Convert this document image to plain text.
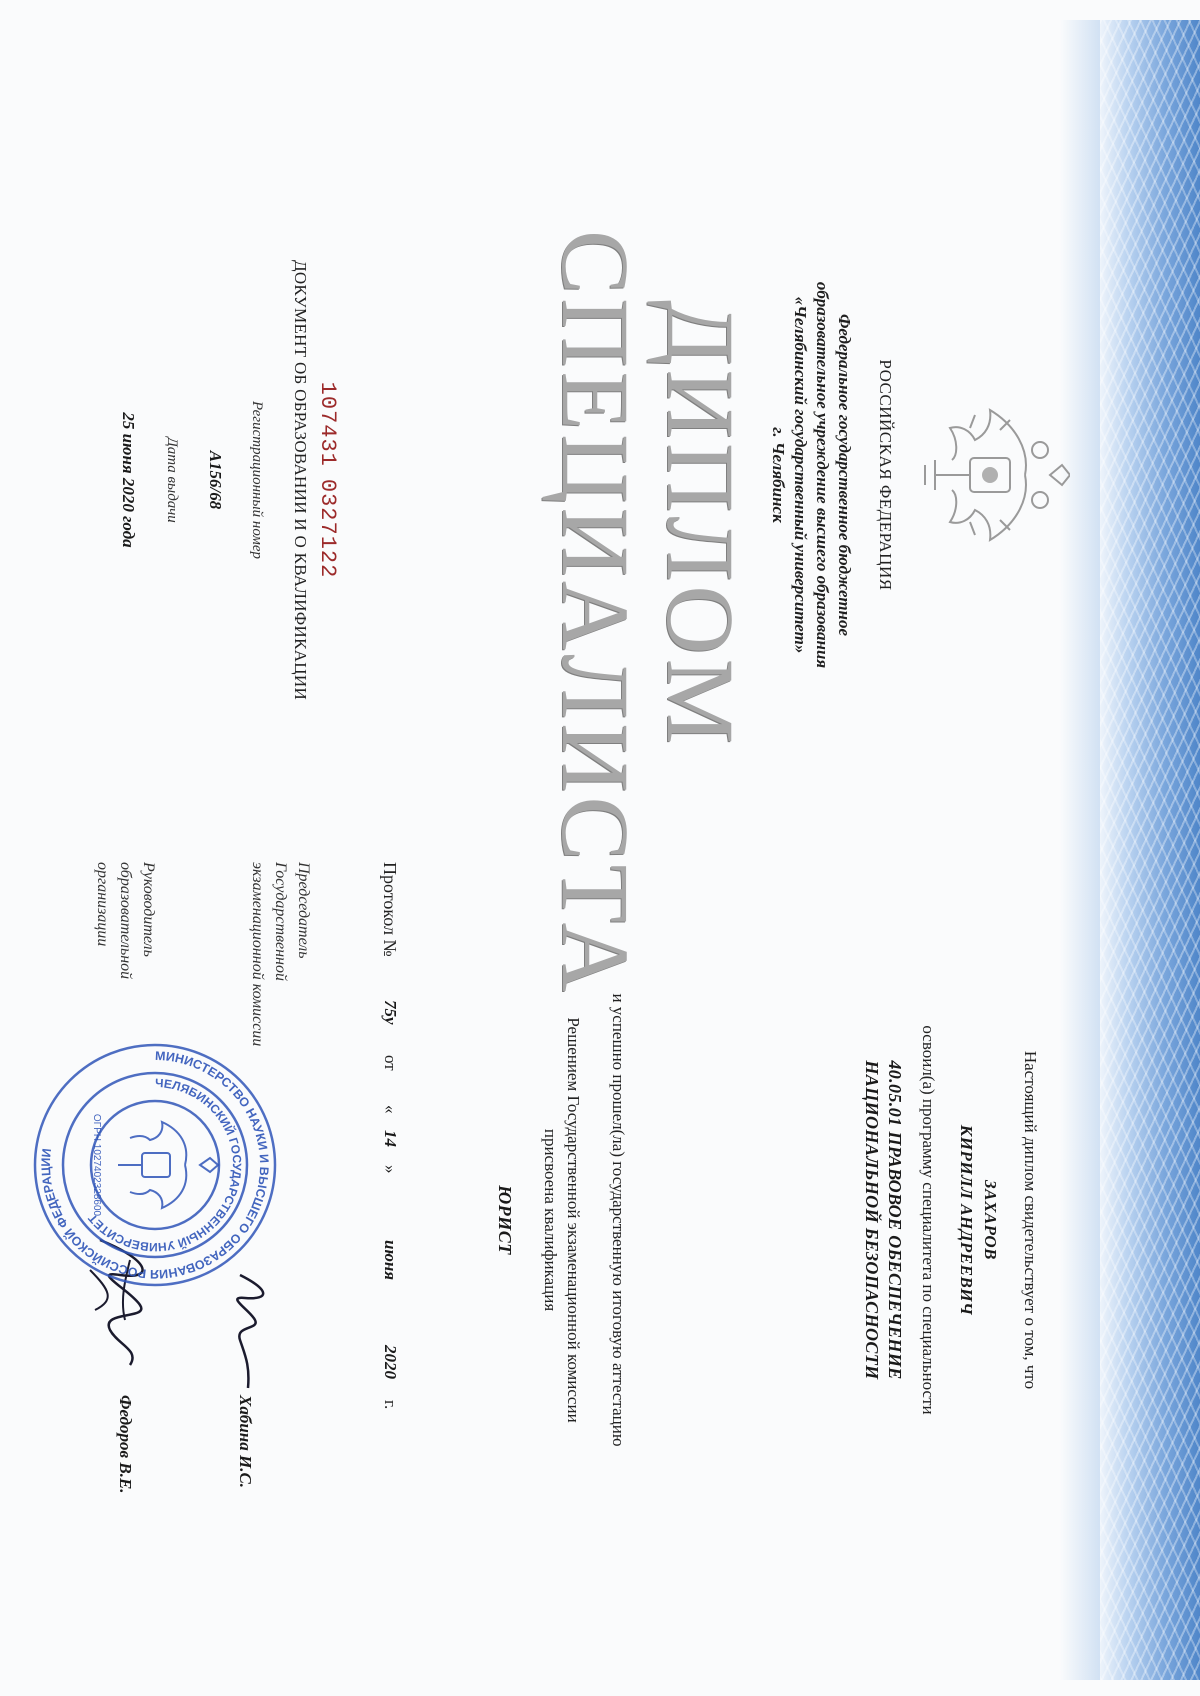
РОССИЙСКАЯ ФЕДЕРАЦИЯ
Федеральное государственное бюджетное
образовательное учреждение высшего образования
«Челябинский государственный университет»
г. Челябинск
ДИПЛОМ
СПЕЦИАЛИСТА
1074310327122
ДОКУМЕНТ ОБ ОБРАЗОВАНИИ И О КВАЛИФИКАЦИИ
Регистрационный номер
А156/68
Дата выдачи
25 июня 2020 года
Настоящий диплом свидетельствует о том, что
ЗАХАРОВ
КИРИЛЛ АНДРЕЕВИЧ
освоил(а) программу специалитета по специальности
40.05.01 ПРАВОВОЕ ОБЕСПЕЧЕНИЕ
НАЦИОНАЛЬНОЙ БЕЗОПАСНОСТИ
и успешно прошел(ла) государственную итоговую аттестацию
Решением Государственной экзаменационной комиссии
присвоена квалификация
ЮРИСТ
Протокол №
75у
от
«
14
»
июня
2020
г.
Председатель
Государственной
экзаменационной комиссии
Хабина И.С.
Руководитель образовательной
организации
Федоров В.Е.
МИНИСТЕРСТВО НАУКИ И ВЫСШЕГО ОБРАЗОВАНИЯ РОССИЙСКОЙ ФЕДЕРАЦИИ
ЧЕЛЯБИНСКИЙ ГОСУДАРСТВЕННЫЙ УНИВЕРСИТЕТ
ОГРН 1027402328600
